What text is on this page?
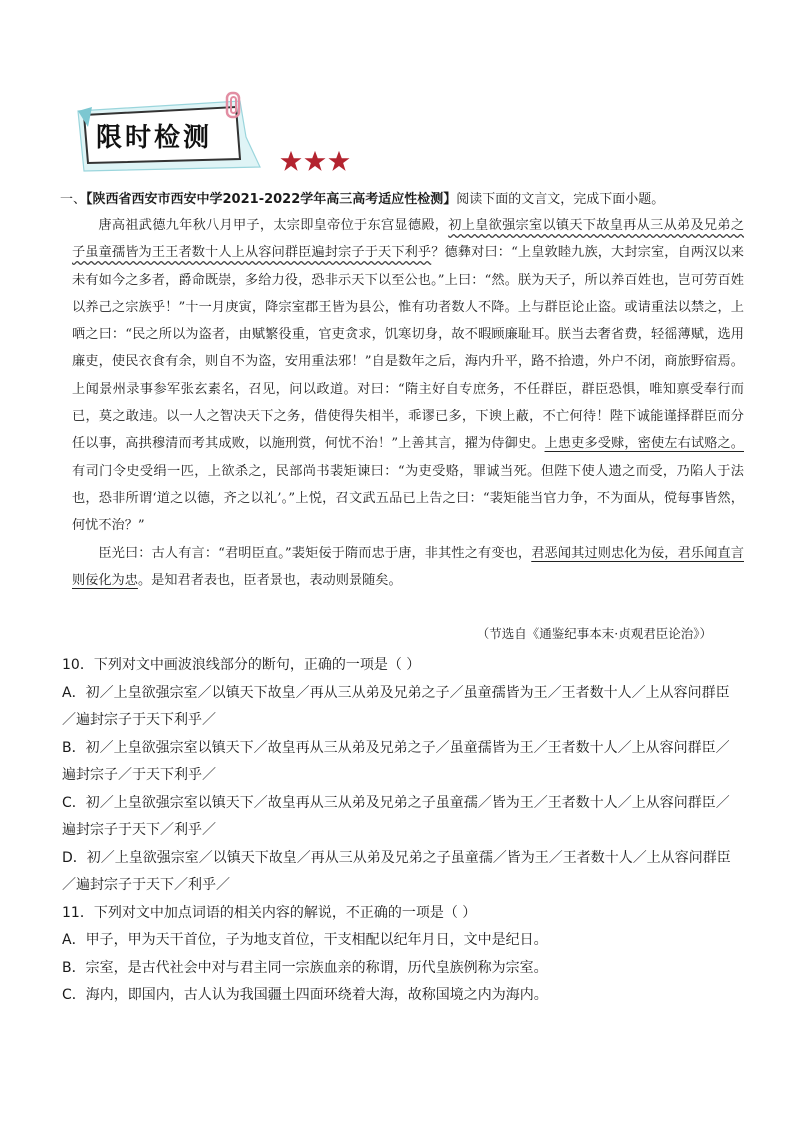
限时检测
一、【陕西省西安市西安中学2021-2022学年高三高考适应性检测】阅读下面的文言文，完成下面小题。

唐高祖武德九年秋八月甲子，太宗即皇帝位于东宫显德殿，初上皇欲强宗室以镇天下故皇再从三从弟及兄弟之子虽童孺皆为王王者数十人上从容问群臣遍封宗子于天下利乎？德彝对曰：“上皇敦睦九族，大封宗室，自两汉以来未有如今之多者，爵命既崇，多给力役，恐非示天下以至公也。”上曰：“然。朕为天子，所以养百姓也，岂可劳百姓以养己之宗族乎！”十一月庚寅，降宗室郡王皆为县公，惟有功者数人不降。上与群臣论止盗。或请重法以禁之，上哂之曰：“民之所以为盗者，由赋繁役重，官吏贪求，饥寒切身，故不暇顾廉耻耳。朕当去奢省费，轻徭薄赋，选用廉吏，使民衣食有余，则自不为盗，安用重法邪！”自是数年之后，海内升平，路不拾遗，外户不闭，商旅野宿焉。上闻景州录事参军张玄素名，召见，问以政道。对曰：“隋主好自专庶务，不任群臣，群臣恐惧，唯知禀受奉行而已，莫之敢违。以一人之智决天下之务，借使得失相半，乖谬已多，下谀上蔽，不亡何待！陛下诚能谨择群臣而分任以事，高拱穆清而考其成败，以施刑赏，何忧不治！”上善其言，擢为侍御史。上患吏多受赇，密使左右试赂之。有司门令史受绢一匹，上欲杀之，民部尚书裴矩谏曰：“为吏受赂，罪诚当死。但陛下使人遗之而受，乃陷人于法也，恐非所谓‘道之以德，齐之以礼’。”上悦，召文武五品已上告之曰：“裴矩能当官力争，不为面从，傥每事皆然，何忧不治？”

臣光曰：古人有言：“君明臣直。”裴矩佞于隋而忠于唐，非其性之有变也，君恶闻其过则忠化为佞，君乐闻直言则佞化为忠。是知君者表也，臣者景也，表动则景随矣。

（节选自《通鉴纪事本末·贞观君臣论治》）
10．下列对文中画波浪线部分的断句，正确的一项是（ ）
A．初／上皇欲强宗室／以镇天下故皇／再从三从弟及兄弟之子／虽童孺皆为王／王者数十人／上从容问群臣／遍封宗子于天下利乎／
B．初／上皇欲强宗室以镇天下／故皇再从三从弟及兄弟之子／虽童孺皆为王／王者数十人／上从容问群臣／遍封宗子／于天下利乎／
C．初／上皇欲强宗室以镇天下／故皇再从三从弟及兄弟之子虽童孺／皆为王／王者数十人／上从容问群臣／遍封宗子于天下／利乎／
D．初／上皇欲强宗室／以镇天下故皇／再从三从弟及兄弟之子虽童孺／皆为王／王者数十人／上从容问群臣／遍封宗子于天下／利乎／
11．下列对文中加点词语的相关内容的解说，不正确的一项是（ ）
A．甲子，甲为天干首位，子为地支首位，干支相配以纪年月日，文中是纪日。
B．宗室，是古代社会中对与君主同一宗族血亲的称谓，历代皇族例称为宗室。
C．海内，即国内，古人认为我国疆土四面环绕着大海，故称国境之内为海内。
